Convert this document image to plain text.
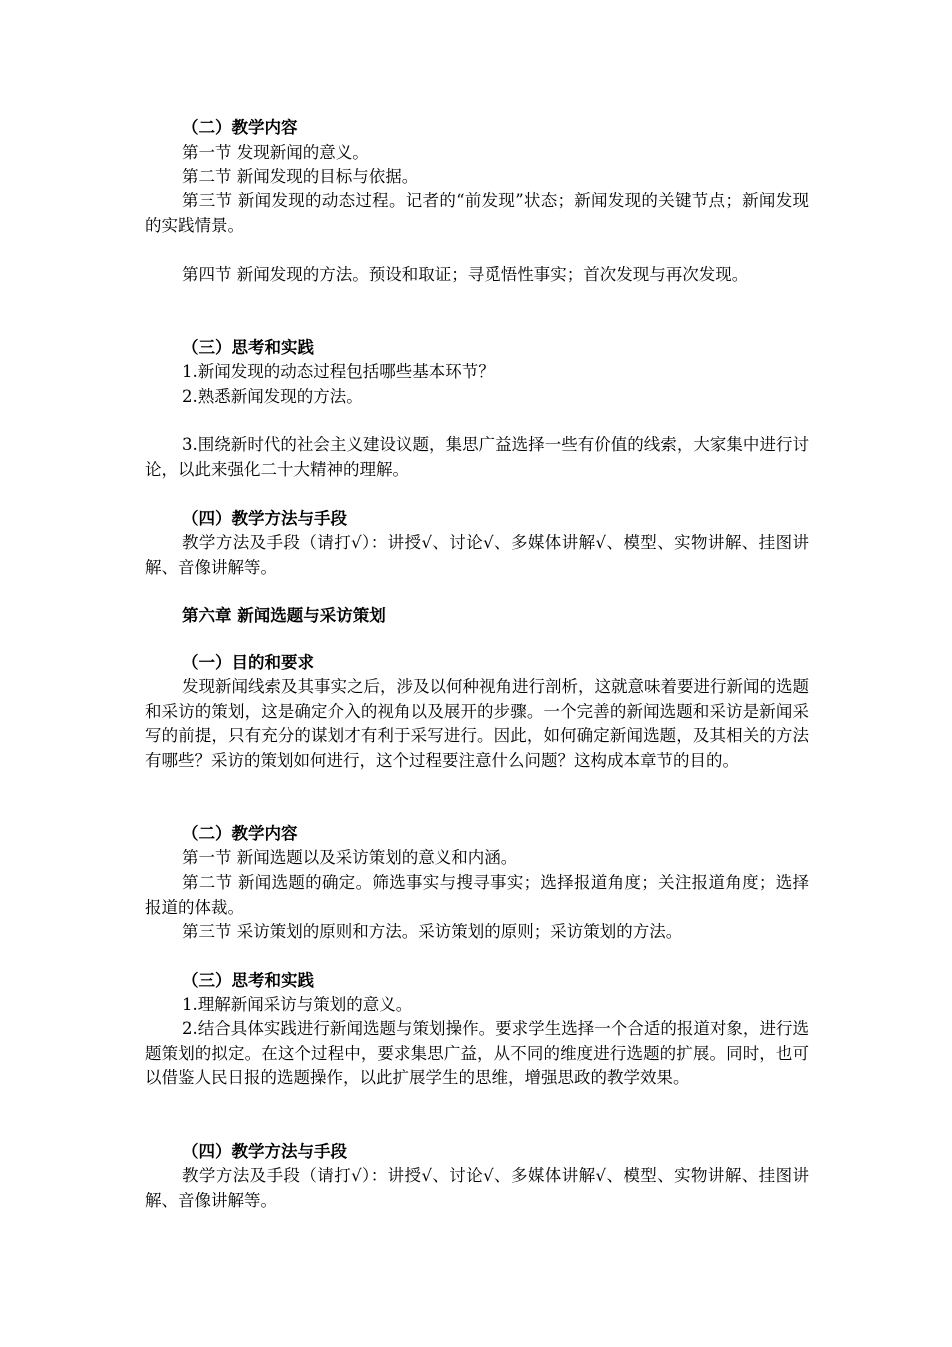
（二）教学内容

第一节 发现新闻的意义。

第二节 新闻发现的目标与依据。

第三节 新闻发现的动态过程。记者的“前发现”状态；新闻发现的关键节点；新闻发现的实践情景。

第四节 新闻发现的方法。预设和取证；寻觅悟性事实；首次发现与再次发现。

（三）思考和实践

1.新闻发现的动态过程包括哪些基本环节？

2.熟悉新闻发现的方法。

3.围绕新时代的社会主义建设议题，集思广益选择一些有价值的线索，大家集中进行讨论，以此来强化二十大精神的理解。

（四）教学方法与手段

教学方法及手段（请打√）：讲授√、讨论√、多媒体讲解√、模型、实物讲解、挂图讲解、音像讲解等。

第六章 新闻选题与采访策划

（一）目的和要求

发现新闻线索及其事实之后，涉及以何种视角进行剖析，这就意味着要进行新闻的选题和采访的策划，这是确定介入的视角以及展开的步骤。一个完善的新闻选题和采访是新闻采写的前提，只有充分的谋划才有利于采写进行。因此，如何确定新闻选题，及其相关的方法有哪些？采访的策划如何进行，这个过程要注意什么问题？这构成本章节的目的。

（二）教学内容

第一节 新闻选题以及采访策划的意义和内涵。

第二节 新闻选题的确定。筛选事实与搜寻事实；选择报道角度；关注报道角度；选择报道的体裁。

第三节 采访策划的原则和方法。采访策划的原则；采访策划的方法。

（三）思考和实践

1.理解新闻采访与策划的意义。

2.结合具体实践进行新闻选题与策划操作。要求学生选择一个合适的报道对象，进行选题策划的拟定。在这个过程中，要求集思广益，从不同的维度进行选题的扩展。同时，也可以借鉴人民日报的选题操作，以此扩展学生的思维，增强思政的教学效果。

（四）教学方法与手段

教学方法及手段（请打√）：讲授√、讨论√、多媒体讲解√、模型、实物讲解、挂图讲解、音像讲解等。
